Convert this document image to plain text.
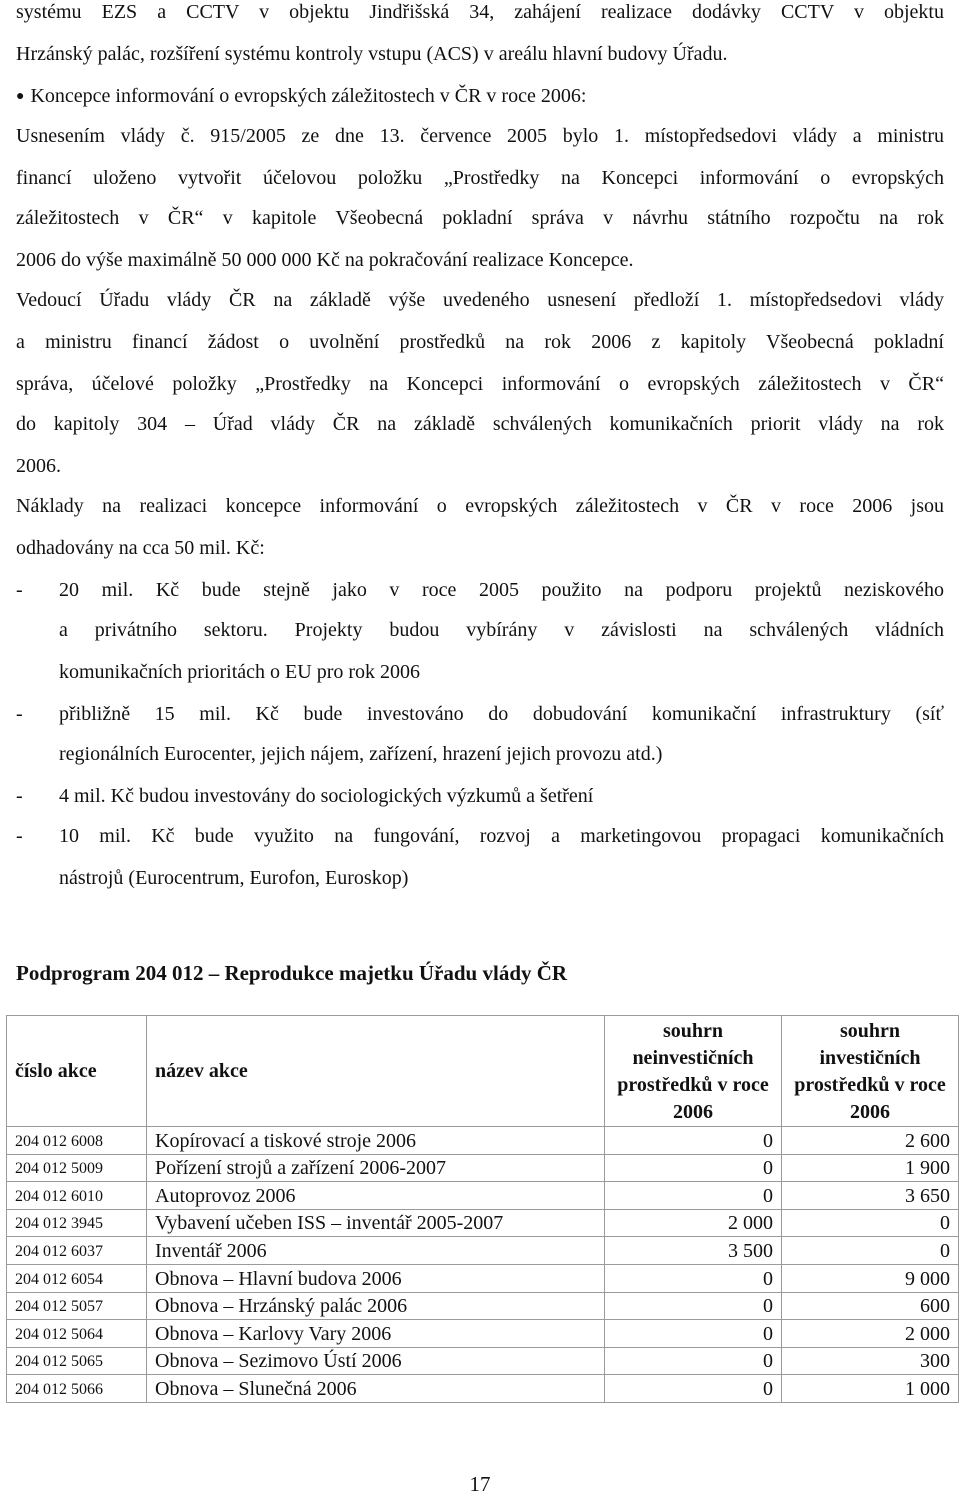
systému EZS a CCTV v objektu Jindřišská 34, zahájení realizace dodávky CCTV v objektu
Hrzánský palác, rozšíření systému kontroly vstupu (ACS) v areálu hlavní budovy Úřadu.
● Koncepce informování o evropských záležitostech v ČR v roce 2006:
Usnesením vlády č. 915/2005 ze dne 13. července 2005 bylo 1. místopředsedovi vlády a ministru
financí uloženo vytvořit účelovou položku „Prostředky na Koncepci informování o evropských
záležitostech v ČR“ v kapitole Všeobecná pokladní správa v návrhu státního rozpočtu na rok
2006 do výše maximálně 50 000 000 Kč na pokračování realizace Koncepce.
Vedoucí Úřadu vlády ČR na základě výše uvedeného usnesení předloží 1. místopředsedovi vlády
a ministru financí žádost o uvolnění prostředků na rok 2006 z kapitoly Všeobecná pokladní
správa, účelové položky „Prostředky na Koncepci informování o evropských záležitostech v ČR“
do kapitoly 304 – Úřad vlády ČR na základě schválených komunikačních priorit vlády na rok
2006.
Náklady na realizaci koncepce informování o evropských záležitostech v ČR v roce 2006 jsou
odhadovány na cca 50 mil. Kč:
- 20 mil. Kč bude stejně jako v roce 2005 použito na podporu projektů neziskového
a privátního sektoru. Projekty budou vybírány v závislosti na schválených vládních
komunikačních prioritách o EU pro rok 2006
- přibližně 15 mil. Kč bude investováno do dobudování komunikační infrastruktury (síť
regionálních Eurocenter, jejich nájem, zařízení, hrazení jejich provozu atd.)
- 4 mil. Kč budou investovány do sociologických výzkumů a šetření
- 10 mil. Kč bude využito na fungování, rozvoj a marketingovou propagaci komunikačních
nástrojů (Eurocentrum, Eurofon, Euroskop)
Podprogram 204 012 – Reprodukce majetku Úřadu vlády ČR
číslo akce	název akce	souhrn neinvestičních prostředků v roce 2006	souhrn investičních prostředků v roce 2006
204 012 6008	Kopírovací a tiskové stroje 2006	0	2 600
204 012 5009	Pořízení strojů a zařízení 2006-2007	0	1 900
204 012 6010	Autoprovoz 2006	0	3 650
204 012 3945	Vybavení učeben ISS – inventář 2005-2007	2 000	0
204 012 6037	Inventář 2006	3 500	0
204 012 6054	Obnova – Hlavní budova 2006	0	9 000
204 012 5057	Obnova – Hrzánský palác 2006	0	600
204 012 5064	Obnova – Karlovy Vary 2006	0	2 000
204 012 5065	Obnova – Sezimovo Ústí 2006	0	300
204 012 5066	Obnova – Slunečná 2006	0	1 000
17
